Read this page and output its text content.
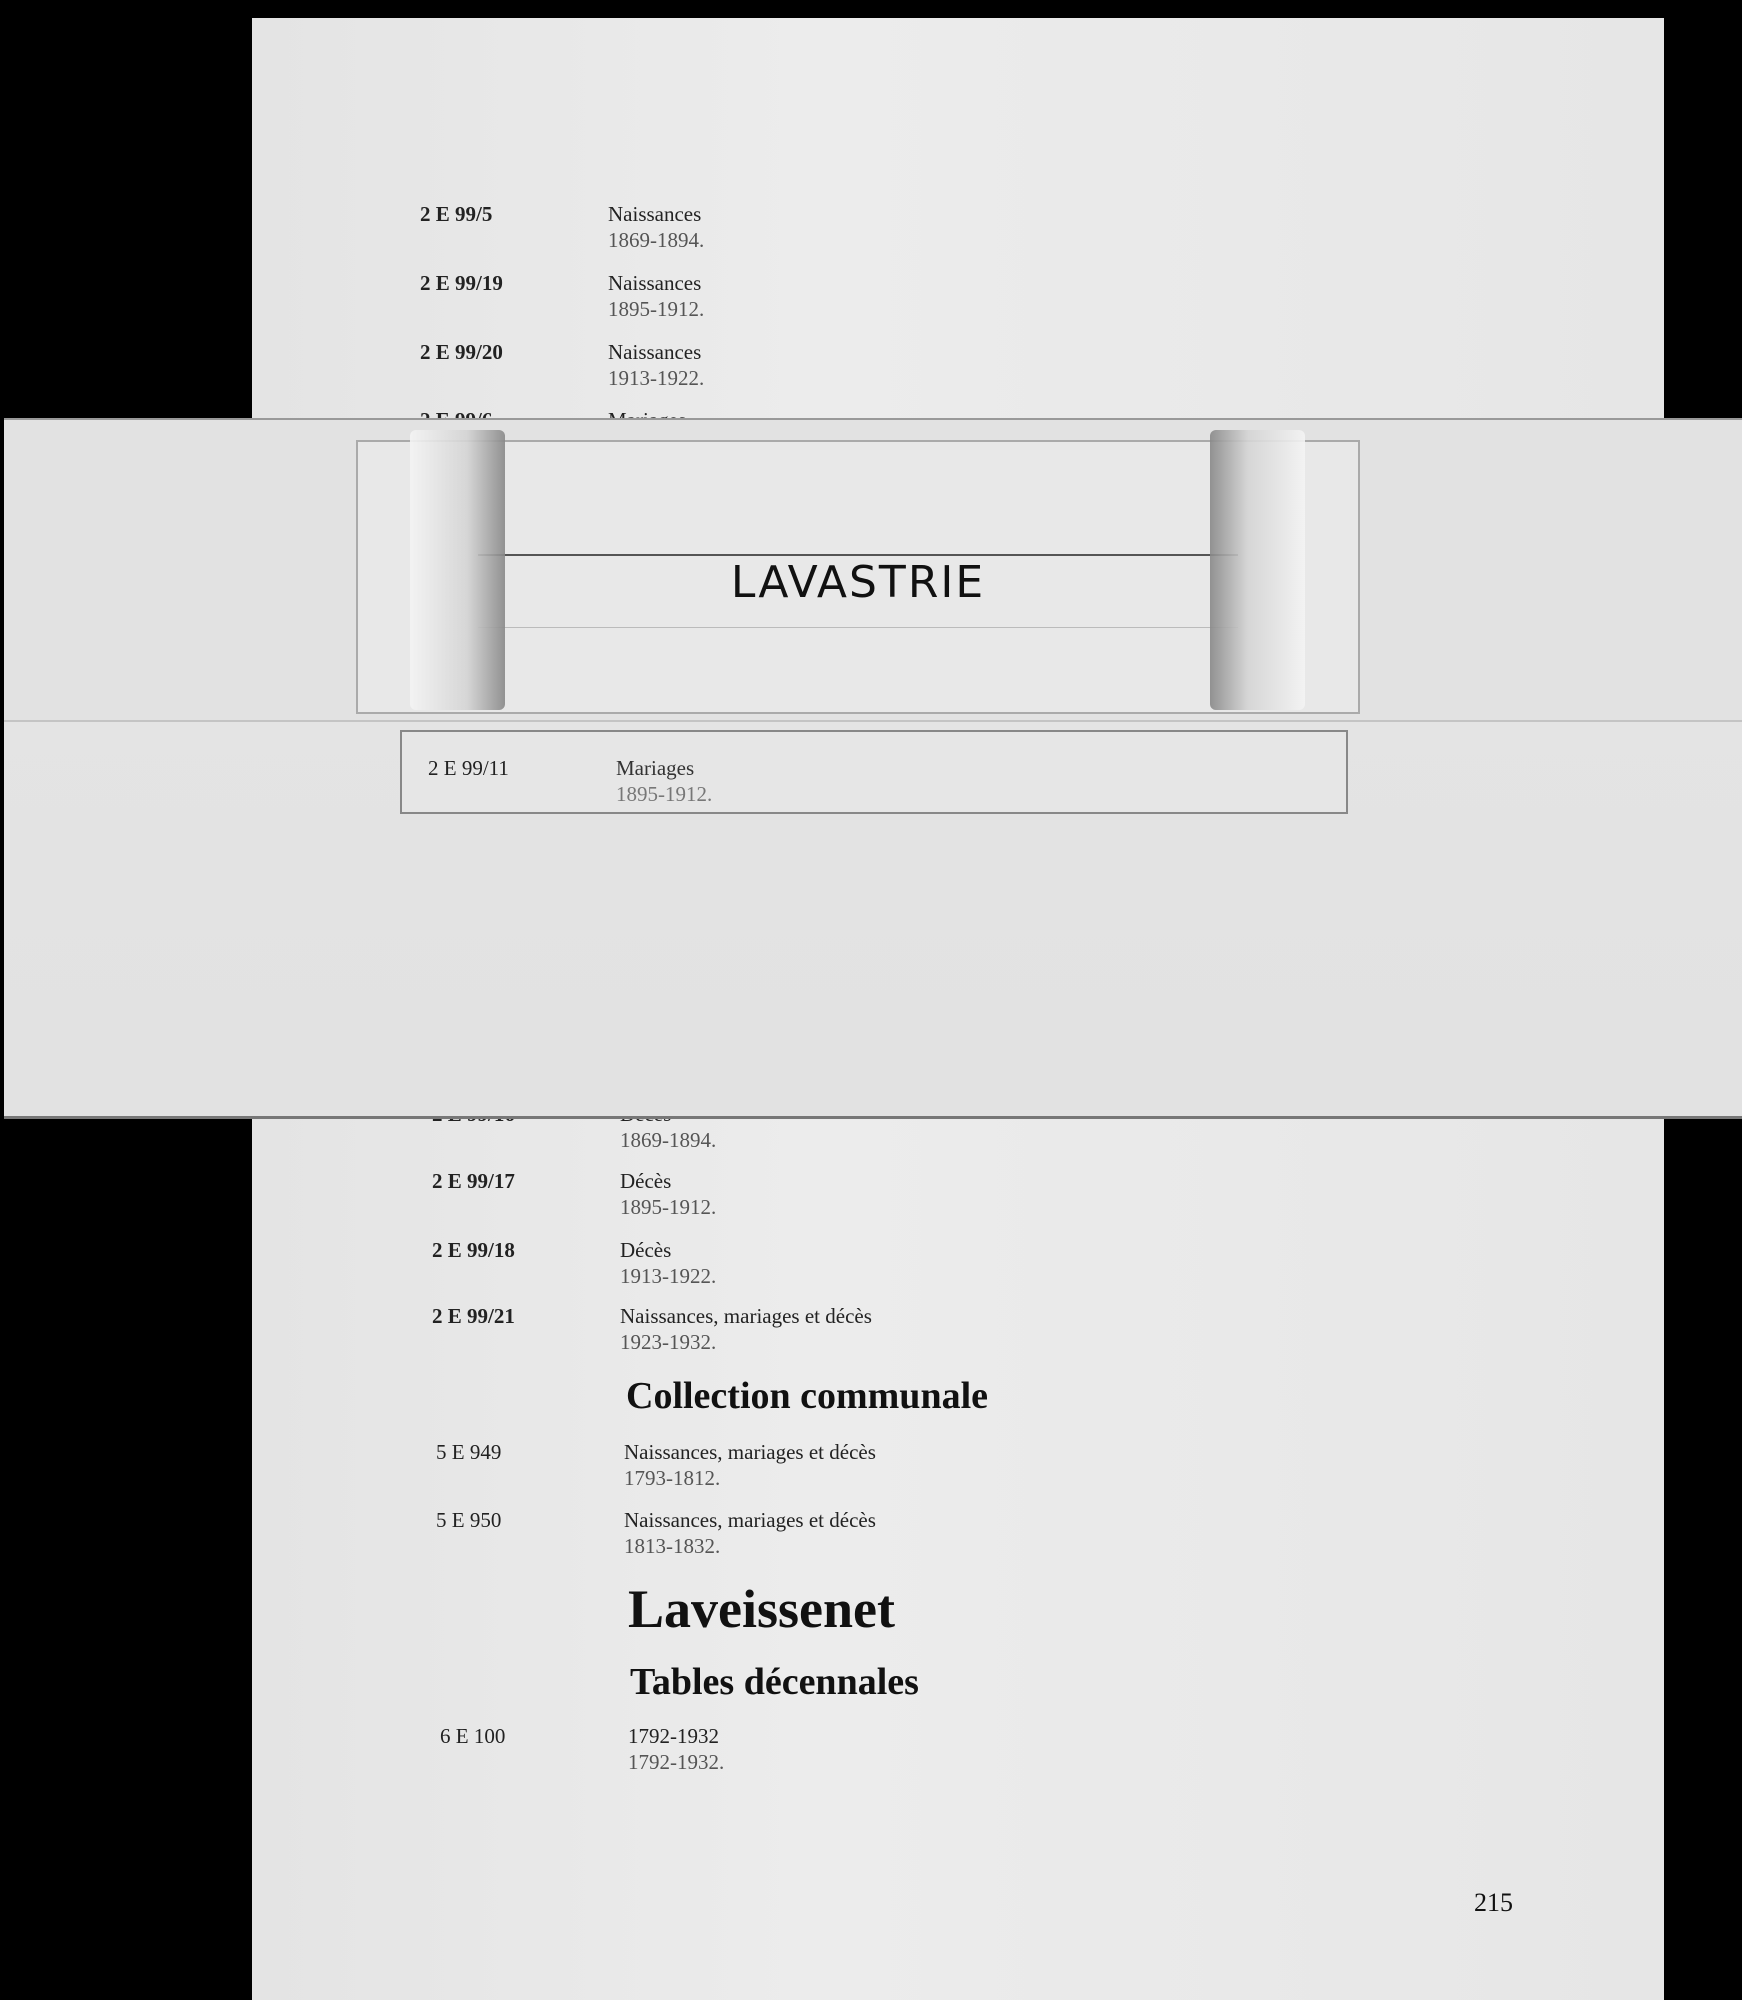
2 E 99/5	Naissances
1869-1894.
2 E 99/19	Naissances
1895-1912.
2 E 99/20	Naissances
1913-1922.
1869-1894.
2 E 99/17	Décès
1895-1912.
2 E 99/18	Décès
1913-1922.
2 E 99/21	Naissances, mariages et décès
1923-1932.
Collection communale
5 E 949	Naissances, mariages et décès
1793-1812.
5 E 950	Naissances, mariages et décès
1813-1832.
Laveissenet
Tables décennales
6 E 100	1792-1932
1792-1932.
215
LAVASTRIE
2 E 99/11	Mariages
1895-1912.
